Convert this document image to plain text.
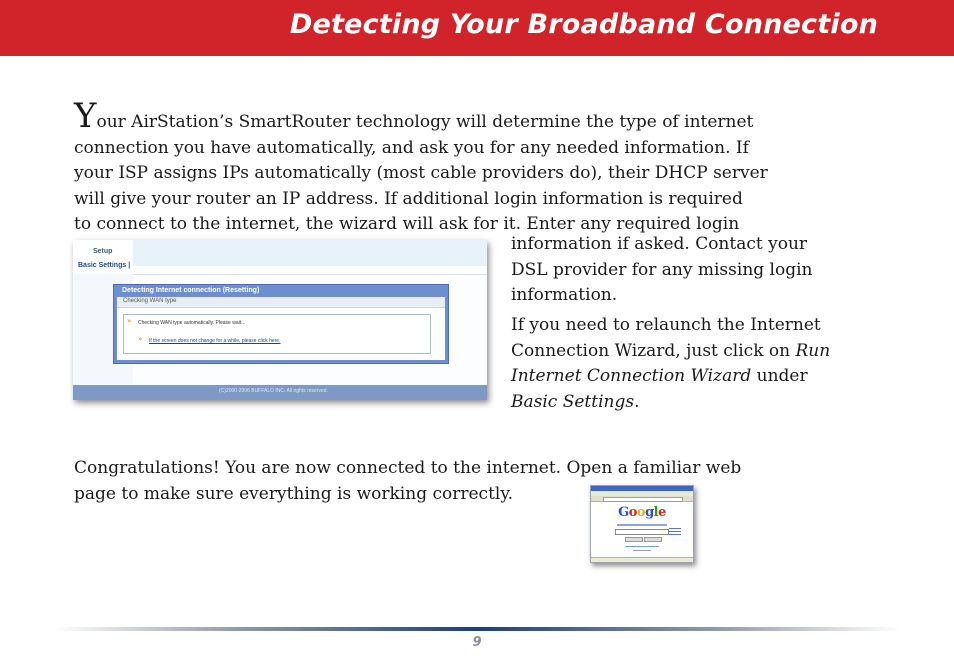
Detecting Your Broadband Connection
Your AirStation’s SmartRouter technology will determine the type of internet
connection you have automatically, and ask you for any needed information. If
your ISP assigns IPs automatically (most cable providers do), their DHCP server
will give your router an IP address. If additional login information is required
to connect to the internet, the wizard will ask for it. Enter any required login
information if asked. Contact your
DSL provider for any missing login
information.
If you need to relaunch the Internet
Connection Wizard, just click on Run
Internet Connection Wizard under
Basic Settings.
Setup
Basic Settings |
Detecting Internet connection (Resetting)
Checking WAN type
» Checking WAN type automatically. Please wait...
» If the screen does not change for a while, please click here.
(C)2000-2006 BUFFALO INC. All rights reserved.
Congratulations! You are now connected to the internet. Open a familiar web
page to make sure everything is working correctly.
Google
9
